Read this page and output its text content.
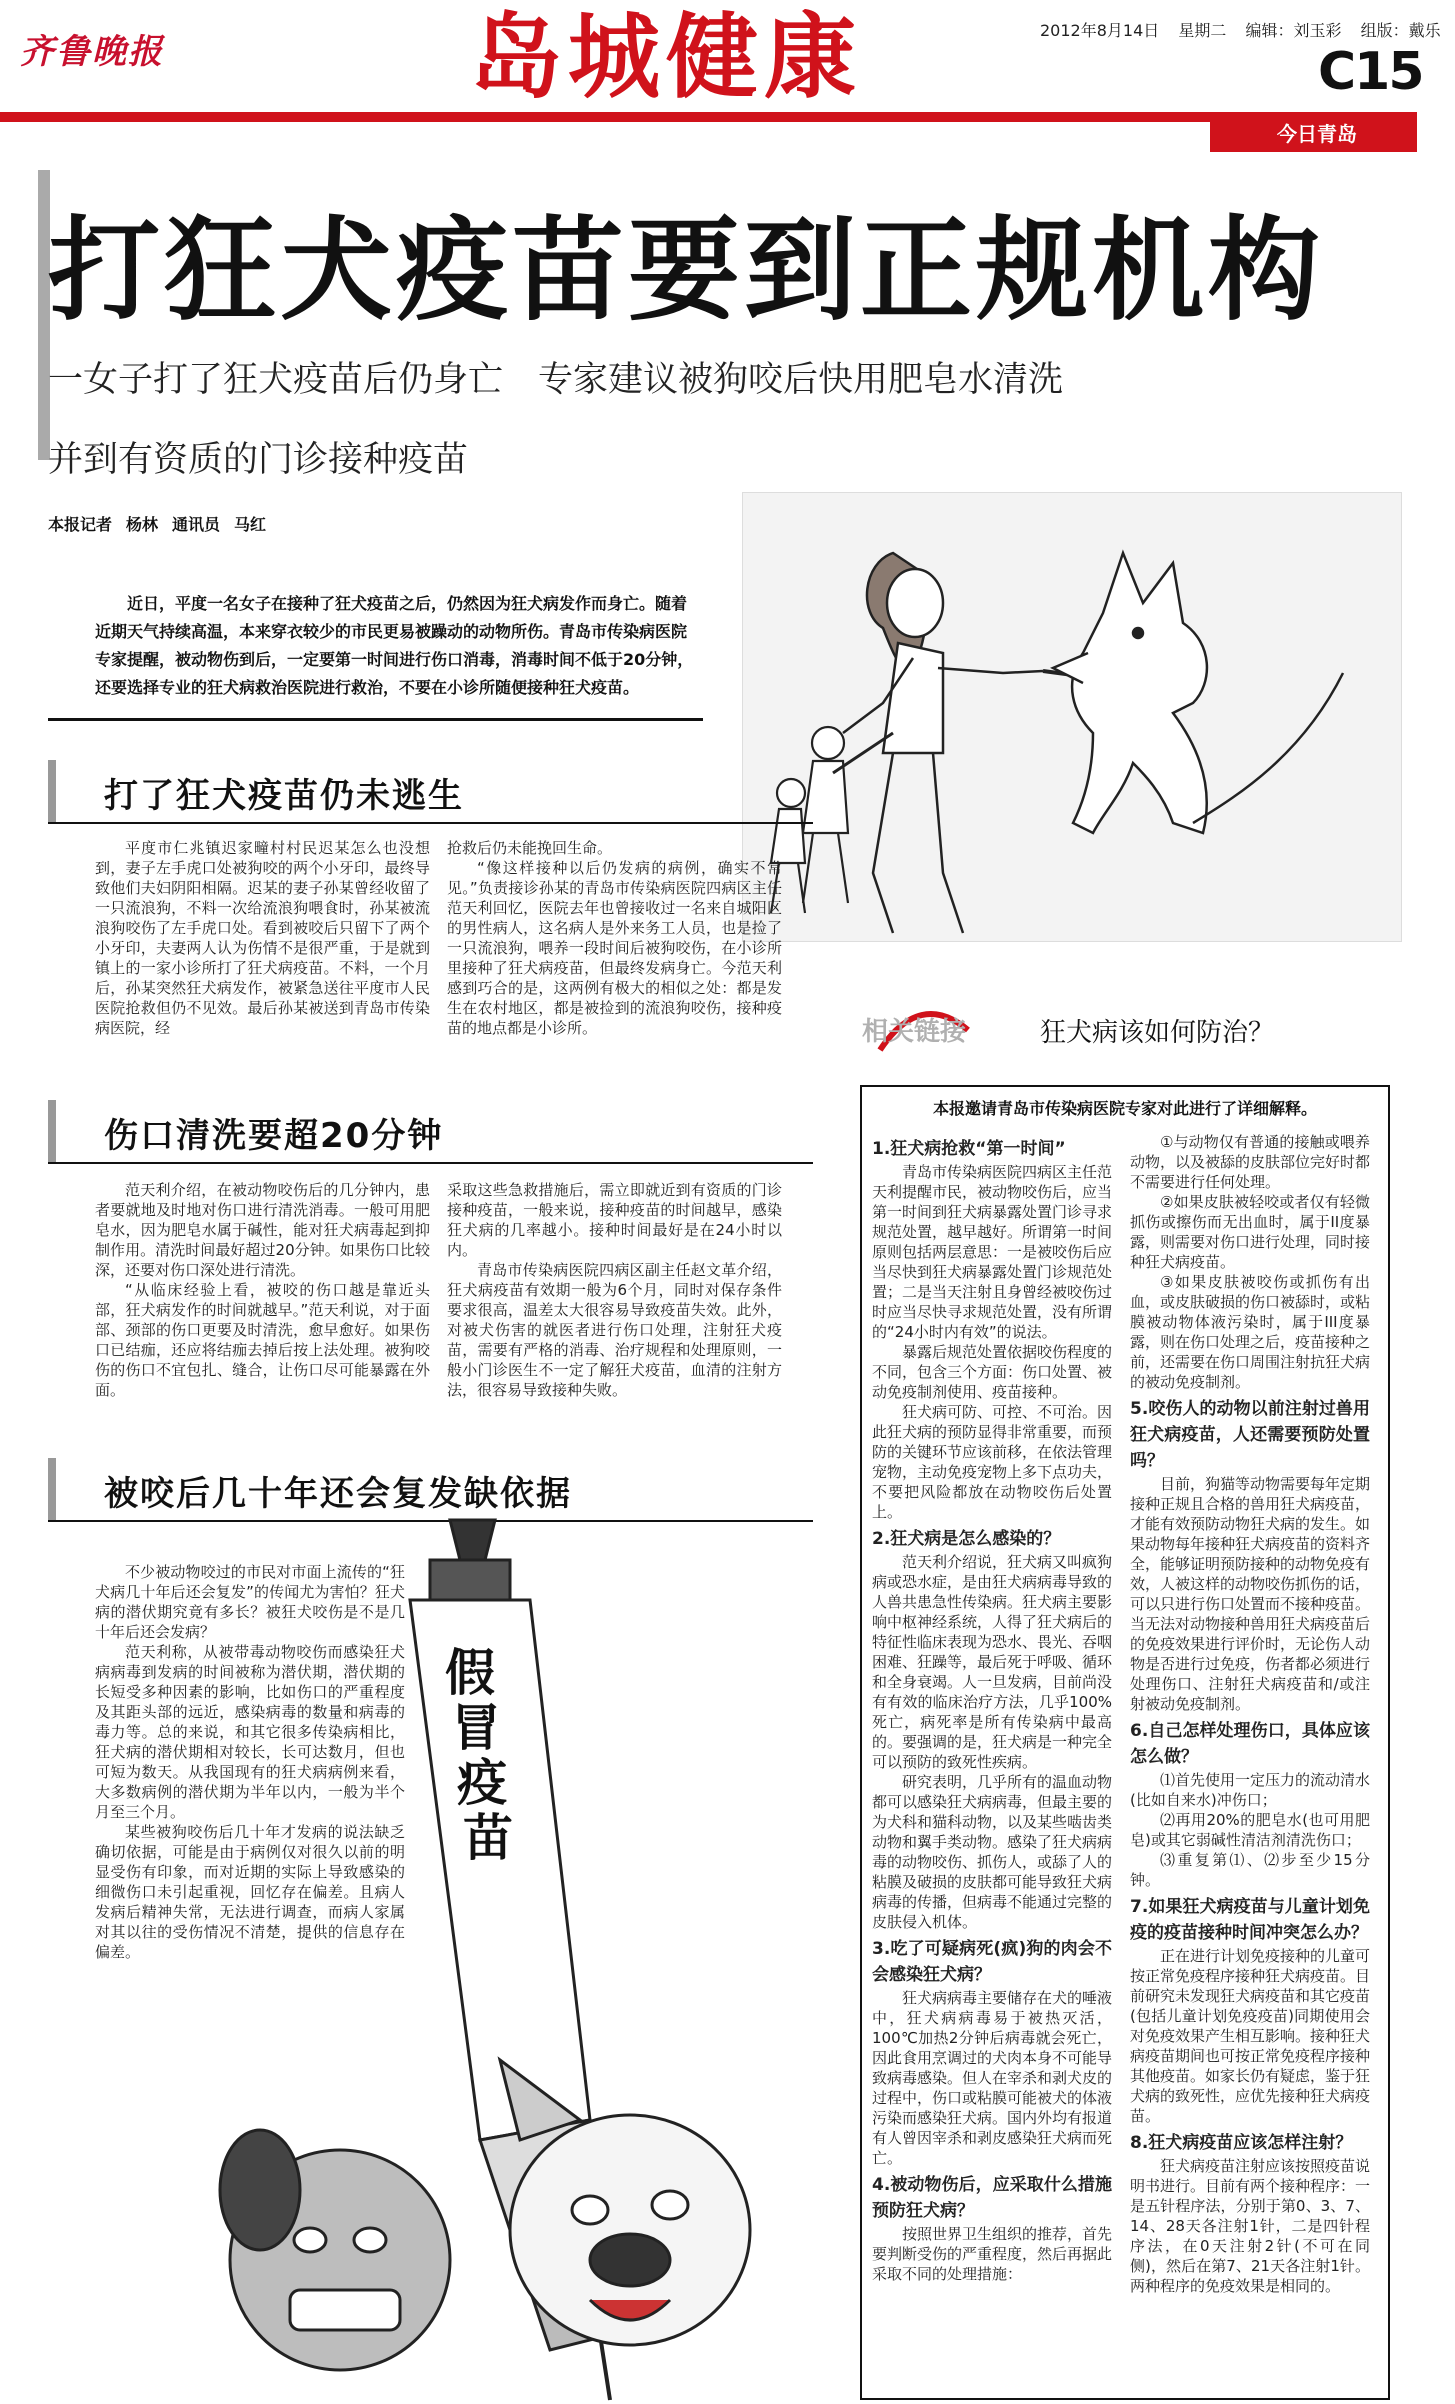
齐鲁晚报	岛城健康	2012年8月14日 星期二 编辑：刘玉彩 组版：戴乐
C15
今日青岛
打狂犬疫苗要到正规机构
一女子打了狂犬疫苗后仍身亡　专家建议被狗咬后快用肥皂水清洗
并到有资质的门诊接种疫苗
本报记者 杨林 通讯员 马红
近日，平度一名女子在接种了狂犬疫苗之后，仍然因为狂犬病发作而身亡。随着近期天气持续高温，本来穿衣较少的市民更易被躁动的动物所伤。青岛市传染病医院专家提醒，被动物伤到后，一定要第一时间进行伤口消毒，消毒时间不低于20分钟，还要选择专业的狂犬病救治医院进行救治，不要在小诊所随便接种狂犬疫苗。
打了狂犬疫苗仍未逃生

平度市仁兆镇迟家疃村村民迟某怎么也没想到，妻子左手虎口处被狗咬的两个小牙印，最终导致他们夫妇阴阳相隔。迟某的妻子孙某曾经收留了一只流浪狗，不料一次给流浪狗喂食时，孙某被流浪狗咬伤了左手虎口处。看到被咬后只留下了两个小牙印，夫妻两人认为伤情不是很严重，于是就到镇上的一家小诊所打了狂犬病疫苗。不料，一个月后，孙某突然狂犬病发作，被紧急送往平度市人民医院抢救但仍不见效。最后孙某被送到青岛市传染病医院，经

抢救后仍未能挽回生命。

“像这样接种以后仍发病的病例，确实不常见。”负责接诊孙某的青岛市传染病医院四病区主任范天利回忆，医院去年也曾接收过一名来自城阳区的男性病人，这名病人是外来务工人员，也是捡了一只流浪狗，喂养一段时间后被狗咬伤，在小诊所里接种了狂犬病疫苗，但最终发病身亡。今范天利感到巧合的是，这两例有极大的相似之处：都是发生在农村地区，都是被捡到的流浪狗咬伤，接种疫苗的地点都是小诊所。

伤口清洗要超20分钟

范天利介绍，在被动物咬伤后的几分钟内，患者要就地及时地对伤口进行清洗消毒。一般可用肥皂水，因为肥皂水属于碱性，能对狂犬病毒起到抑制作用。清洗时间最好超过20分钟。如果伤口比较深，还要对伤口深处进行清洗。

“从临床经验上看，被咬的伤口越是靠近头部，狂犬病发作的时间就越早。”范天利说，对于面部、颈部的伤口更要及时清洗，愈早愈好。如果伤口已结痂，还应将结痂去掉后按上法处理。被狗咬伤的伤口不宜包扎、缝合，让伤口尽可能暴露在外面。

采取这些急救措施后，需立即就近到有资质的门诊接种疫苗，一般来说，接种疫苗的时间越早，感染狂犬病的几率越小。接种时间最好是在24小时以内。

青岛市传染病医院四病区副主任赵文革介绍，狂犬病疫苗有效期一般为6个月，同时对保存条件要求很高，温差太大很容易导致疫苗失效。此外，对被犬伤害的就医者进行伤口处理，注射狂犬疫苗，需要有严格的消毒、治疗规程和处理原则，一般小门诊医生不一定了解狂犬疫苗，血清的注射方法，很容易导致接种失败。

被咬后几十年还会复发缺依据

不少被动物咬过的市民对市面上流传的“狂犬病几十年后还会复发”的传闻尤为害怕？狂犬病的潜伏期究竟有多长？被狂犬咬伤是不是几十年后还会发病？

范天利称，从被带毒动物咬伤而感染狂犬病病毒到发病的时间被称为潜伏期，潜伏期的长短受多种因素的影响，比如伤口的严重程度及其距头部的远近，感染病毒的数量和病毒的毒力等。总的来说，和其它很多传染病相比，狂犬病的潜伏期相对较长，长可达数月，但也可短为数天。从我国现有的狂犬病病例来看，大多数病例的潜伏期为半年以内，一般为半个月至三个月。

某些被狗咬伤后几十年才发病的说法缺乏确切依据，可能是由于病例仅对很久以前的明显受伤有印象，而对近期的实际上导致感染的细微伤口未引起重视，回忆存在偏差。且病人发病后精神失常，无法进行调查，而病人家属对其以往的受伤情况不清楚，提供的信息存在偏差。

假
冒
疫
苗
相关链接	狂犬病该如何防治？
本报邀请青岛市传染病医院专家对此进行了详细解释。
1.狂犬病抢救“第一时间”

青岛市传染病医院四病区主任范天利提醒市民，被动物咬伤后，应当第一时间到狂犬病暴露处置门诊寻求规范处置，越早越好。所谓第一时间原则包括两层意思：一是被咬伤后应当尽快到狂犬病暴露处置门诊规范处置；二是当天注射且身曾经被咬伤过时应当尽快寻求规范处置，没有所谓的“24小时内有效”的说法。

暴露后规范处置依据咬伤程度的不同，包含三个方面：伤口处置、被动免疫制剂使用、疫苗接种。

狂犬病可防、可控、不可治。因此狂犬病的预防显得非常重要，而预防的关键环节应该前移，在依法管理宠物，主动免疫宠物上多下点功夫，不要把风险都放在动物咬伤后处置上。

2.狂犬病是怎么感染的？

范天利介绍说，狂犬病又叫疯狗病或恐水症，是由狂犬病病毒导致的人兽共患急性传染病。狂犬病主要影响中枢神经系统，人得了狂犬病后的特征性临床表现为恐水、畏光、吞咽困难、狂躁等，最后死于呼吸、循环和全身衰竭。人一旦发病，目前尚没有有效的临床治疗方法，几乎100%死亡，病死率是所有传染病中最高的。要强调的是，狂犬病是一种完全可以预防的致死性疾病。

研究表明，几乎所有的温血动物都可以感染狂犬病病毒，但最主要的为犬科和猫科动物，以及某些啮齿类动物和翼手类动物。感染了狂犬病病毒的动物咬伤、抓伤人，或舔了人的粘膜及破损的皮肤都可能导致狂犬病病毒的传播，但病毒不能通过完整的皮肤侵入机体。

3.吃了可疑病死(疯)狗的肉会不会感染狂犬病？

狂犬病病毒主要储存在犬的唾液中，狂犬病病毒易于被热灭活，100℃加热2分钟后病毒就会死亡，因此食用烹调过的犬肉本身不可能导致病毒感染。但人在宰杀和剥犬皮的过程中，伤口或粘膜可能被犬的体液污染而感染狂犬病。国内外均有报道有人曾因宰杀和剥皮感染狂犬病而死亡。

4.被动物伤后，应采取什么措施预防狂犬病？

按照世界卫生组织的推荐，首先要判断受伤的严重程度，然后再据此采取不同的处理措施：

①与动物仅有普通的接触或喂养动物，以及被舔的皮肤部位完好时都不需要进行任何处理。

②如果皮肤被轻咬或者仅有轻微抓伤或擦伤而无出血时，属于II度暴露，则需要对伤口进行处理，同时接种狂犬病疫苗。

③如果皮肤被咬伤或抓伤有出血，或皮肤破损的伤口被舔时，或粘膜被动物体液污染时，属于III度暴露，则在伤口处理之后，疫苗接种之前，还需要在伤口周围注射抗狂犬病的被动免疫制剂。

5.咬伤人的动物以前注射过兽用狂犬病疫苗，人还需要预防处置吗？

目前，狗猫等动物需要每年定期接种正规且合格的兽用狂犬病疫苗，才能有效预防动物狂犬病的发生。如果动物每年接种狂犬病疫苗的资料齐全，能够证明预防接种的动物免疫有效，人被这样的动物咬伤抓伤的话，可以只进行伤口处置而不接种疫苗。当无法对动物接种兽用狂犬病疫苗后的免疫效果进行评价时，无论伤人动物是否进行过免疫，伤者都必须进行处理伤口、注射狂犬病疫苗和/或注射被动免疫制剂。

6.自己怎样处理伤口，具体应该怎么做？

⑴首先使用一定压力的流动清水(比如自来水)冲伤口；

⑵再用20%的肥皂水(也可用肥皂)或其它弱碱性清洁剂清洗伤口；

⑶重复第⑴、⑵步至少15分钟。

7.如果狂犬病疫苗与儿童计划免疫的疫苗接种时间冲突怎么办？

正在进行计划免疫接种的儿童可按正常免疫程序接种狂犬病疫苗。目前研究未发现狂犬病疫苗和其它疫苗(包括儿童计划免疫疫苗)同期使用会对免疫效果产生相互影响。接种狂犬病疫苗期间也可按正常免疫程序接种其他疫苗。如家长仍有疑虑，鉴于狂犬病的致死性，应优先接种狂犬病疫苗。

8.狂犬病疫苗应该怎样注射？

狂犬病疫苗注射应该按照疫苗说明书进行。目前有两个接种程序：一是五针程序法，分别于第0、3、7、14、28天各注射1针，二是四针程序法，在0天注射2针(不可在同侧)，然后在第7、21天各注射1针。两种程序的免疫效果是相同的。
